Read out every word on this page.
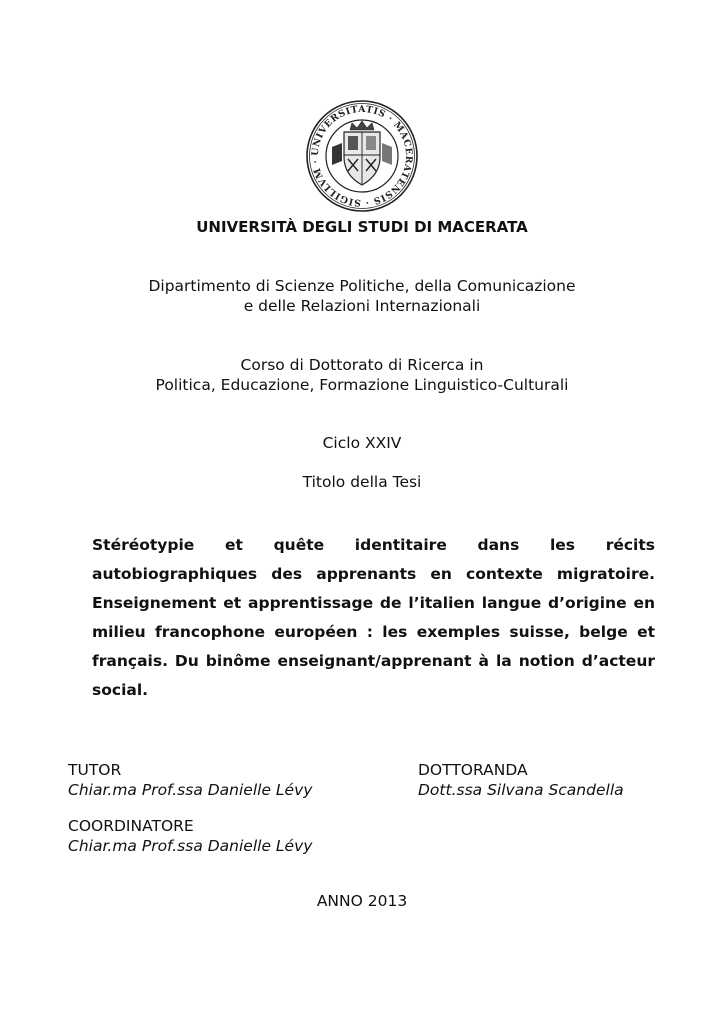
UNIVERSITATIS · MACERATENSIS · SIGILLVM ·
UNIVERSITÀ DEGLI STUDI DI MACERATA
Dipartimento di Scienze Politiche, della Comunicazione
e delle Relazioni Internazionali
Corso di Dottorato di Ricerca in
Politica, Educazione, Formazione Linguistico-Culturali
Ciclo XXIV
Titolo della Tesi
Stéréotypie et quête identitaire dans les récits autobiographiques des apprenants en contexte migratoire. Enseignement et apprentissage de l’italien langue d’origine en milieu francophone européen : les exemples suisse, belge et français. Du binôme enseignant/apprenant à la notion d’acteur social.
TUTOR
Chiar.ma Prof.ssa Danielle Lévy
DOTTORANDA
Dott.ssa Silvana Scandella
COORDINATORE
Chiar.ma Prof.ssa Danielle Lévy
ANNO 2013
